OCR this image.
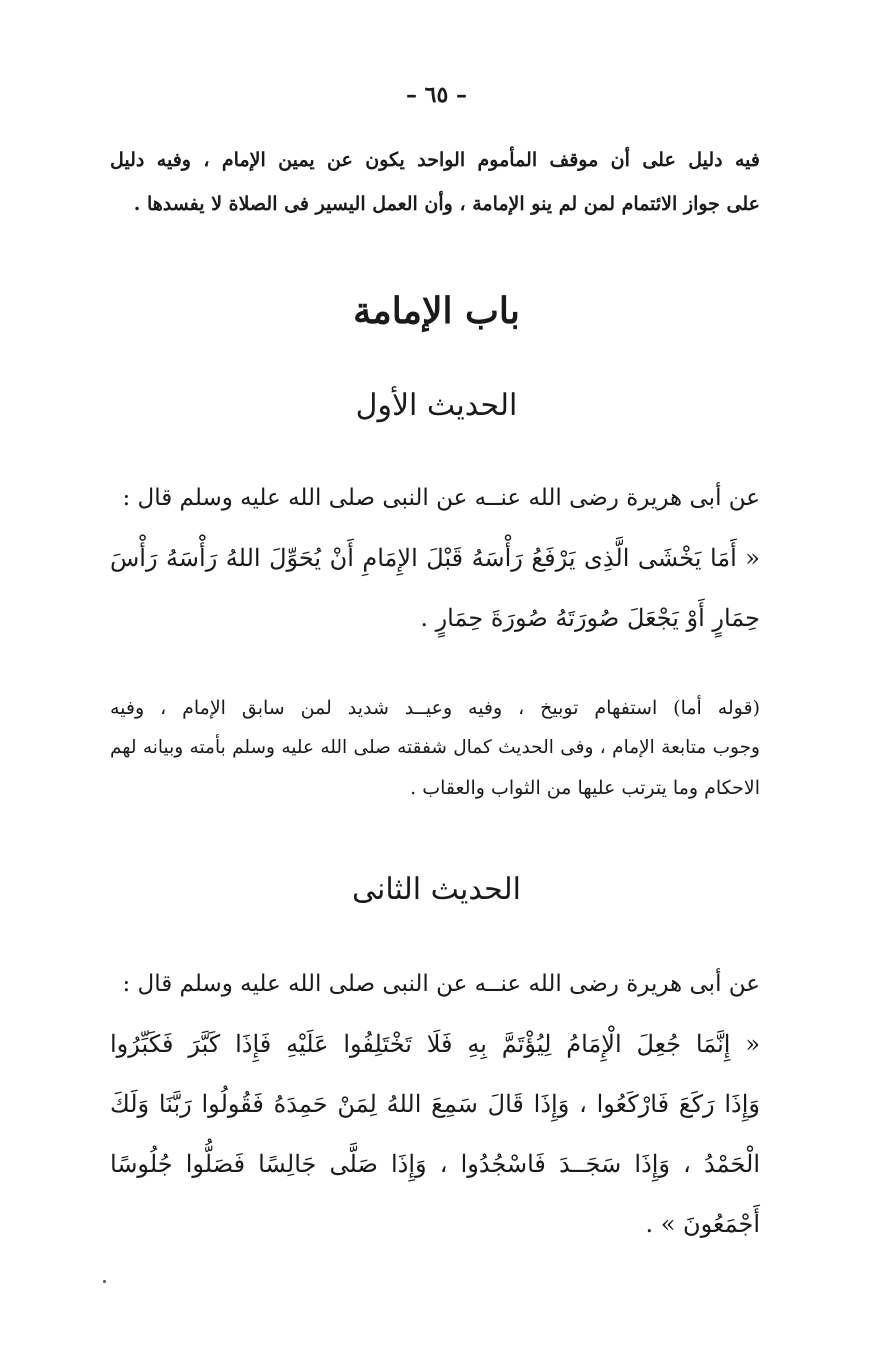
– ٦٥ –
فيه دليل على أن موقف المأموم الواحد يكون عن يمين الإمام ، وفيه دليل
على جواز الائتمام لمن لم ينو الإمامة ، وأن العمل اليسير فى الصلاة لا يفسدها .
باب الإمامة
الحديث الأول
عن أبى هريرة رضى الله عنــه عن النبى صلى الله عليه وسلم قال :
« أَمَا يَخْشَى الَّذِى يَرْفَعُ رَأْسَهُ قَبْلَ الإِمَامِ أَنْ يُحَوِّلَ اللهُ رَأْسَهُ رَأْسَ
حِمَارٍ أَوْ يَجْعَلَ صُورَتَهُ صُورَةَ حِمَارٍ .
(قوله أما) استفهام توبيخ ، وفيه وعيــد شديد لمن سابق الإمام ، وفيه
وجوب متابعة الإمام ، وفى الحديث كمال شفقته صلى الله عليه وسلم بأمته وبيانه لهم
الاحكام وما يترتب عليها من الثواب والعقاب .
الحديث الثانى
عن أبى هريرة رضى الله عنــه عن النبى صلى الله عليه وسلم قال :
« إِنَّمَا جُعِلَ الْإِمَامُ لِيُؤْتَمَّ بِهِ فَلَا تَخْتَلِفُوا عَلَيْهِ فَإِذَا كَبَّرَ فَكَبِّرُوا
وَإِذَا رَكَعَ فَارْكَعُوا ، وَإِذَا قَالَ سَمِعَ اللهُ لِمَنْ حَمِدَهُ فَقُولُوا رَبَّنَا وَلَكَ
الْحَمْدُ ، وَإِذَا سَجَــدَ فَاسْجُدُوا ، وَإِذَا صَلَّى جَالِسًا فَصَلُّوا جُلُوسًا
أَجْمَعُونَ » .
